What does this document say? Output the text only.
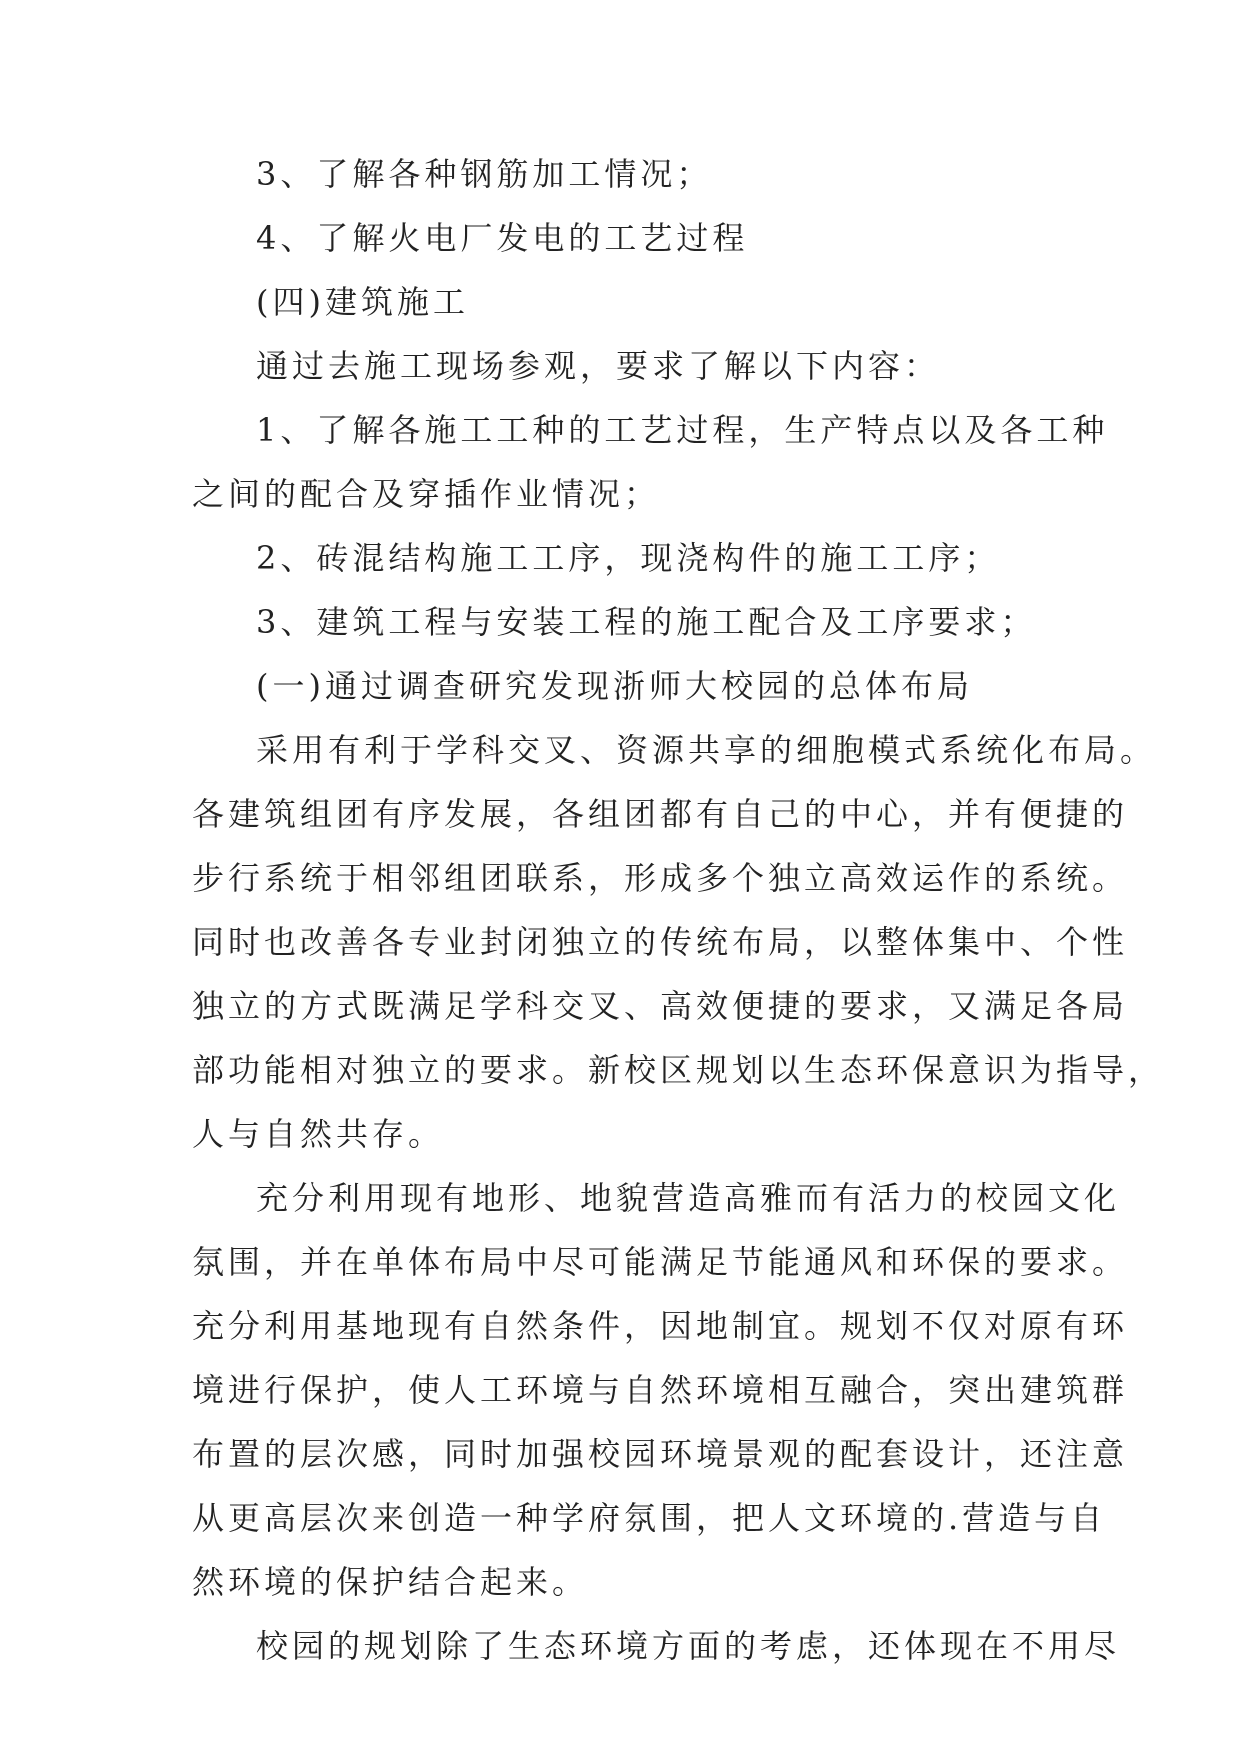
3、了解各种钢筋加工情况；

4、了解火电厂发电的工艺过程

(四)建筑施工

通过去施工现场参观，要求了解以下内容：

1、了解各施工工种的工艺过程，生产特点以及各工种

之间的配合及穿插作业情况；

2、砖混结构施工工序，现浇构件的施工工序；

3、建筑工程与安装工程的施工配合及工序要求；

(一)通过调查研究发现浙师大校园的总体布局

采用有利于学科交叉、资源共享的细胞模式系统化布局。

各建筑组团有序发展，各组团都有自己的中心，并有便捷的

步行系统于相邻组团联系，形成多个独立高效运作的系统。

同时也改善各专业封闭独立的传统布局，以整体集中、个性

独立的方式既满足学科交叉、高效便捷的要求，又满足各局

部功能相对独立的要求。新校区规划以生态环保意识为指导，

人与自然共存。

充分利用现有地形、地貌营造高雅而有活力的校园文化

氛围，并在单体布局中尽可能满足节能通风和环保的要求。

充分利用基地现有自然条件，因地制宜。规划不仅对原有环

境进行保护，使人工环境与自然环境相互融合，突出建筑群

布置的层次感，同时加强校园环境景观的配套设计，还注意

从更高层次来创造一种学府氛围，把人文环境的.营造与自

然环境的保护结合起来。

校园的规划除了生态环境方面的考虑，还体现在不用尽
